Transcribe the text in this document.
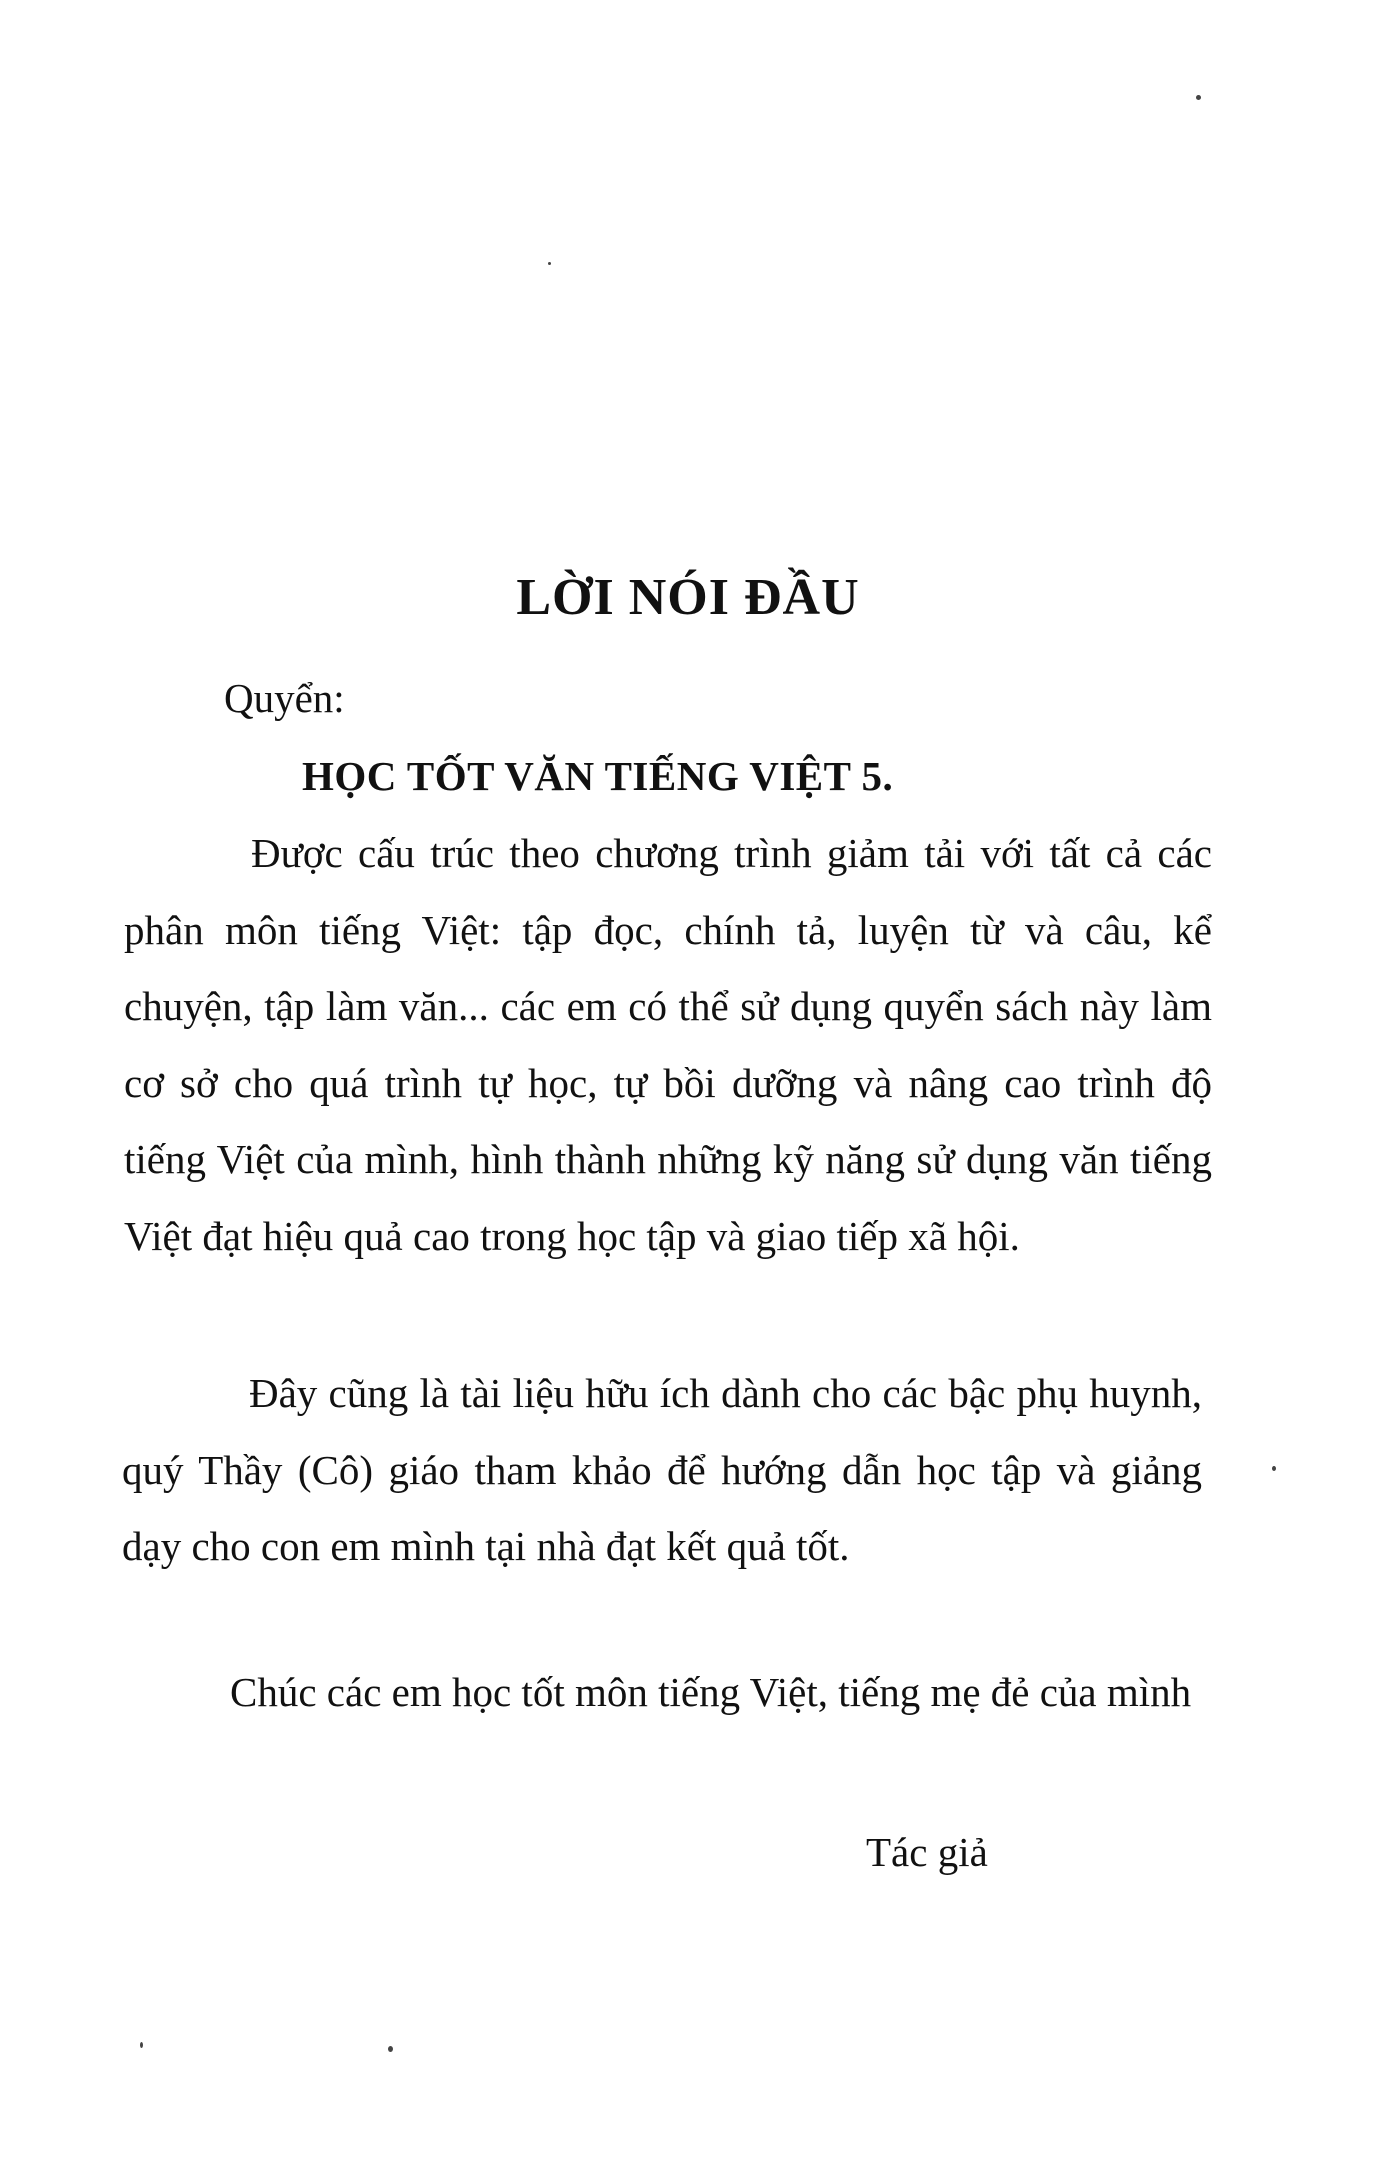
LỜI NÓI ĐẦU
Quyển:
HỌC TỐT VĂN TIẾNG VIỆT 5.

Được cấu trúc theo chương trình giảm tải với tất cả các phân môn tiếng Việt: tập đọc, chính tả, luyện từ và câu, kể chuyện, tập làm văn... các em có thể sử dụng quyển sách này làm cơ sở cho quá trình tự học, tự bồi dưỡng và nâng cao trình độ tiếng Việt của mình, hình thành những kỹ năng sử dụng văn tiếng Việt đạt hiệu quả cao trong học tập và giao tiếp xã hội.

Đây cũng là tài liệu hữu ích dành cho các bậc phụ huynh, quý Thầy (Cô) giáo tham khảo để hướng dẫn học tập và giảng dạy cho con em mình tại nhà đạt kết quả tốt.

Chúc các em học tốt môn tiếng Việt, tiếng mẹ đẻ của mình

Tác giả
